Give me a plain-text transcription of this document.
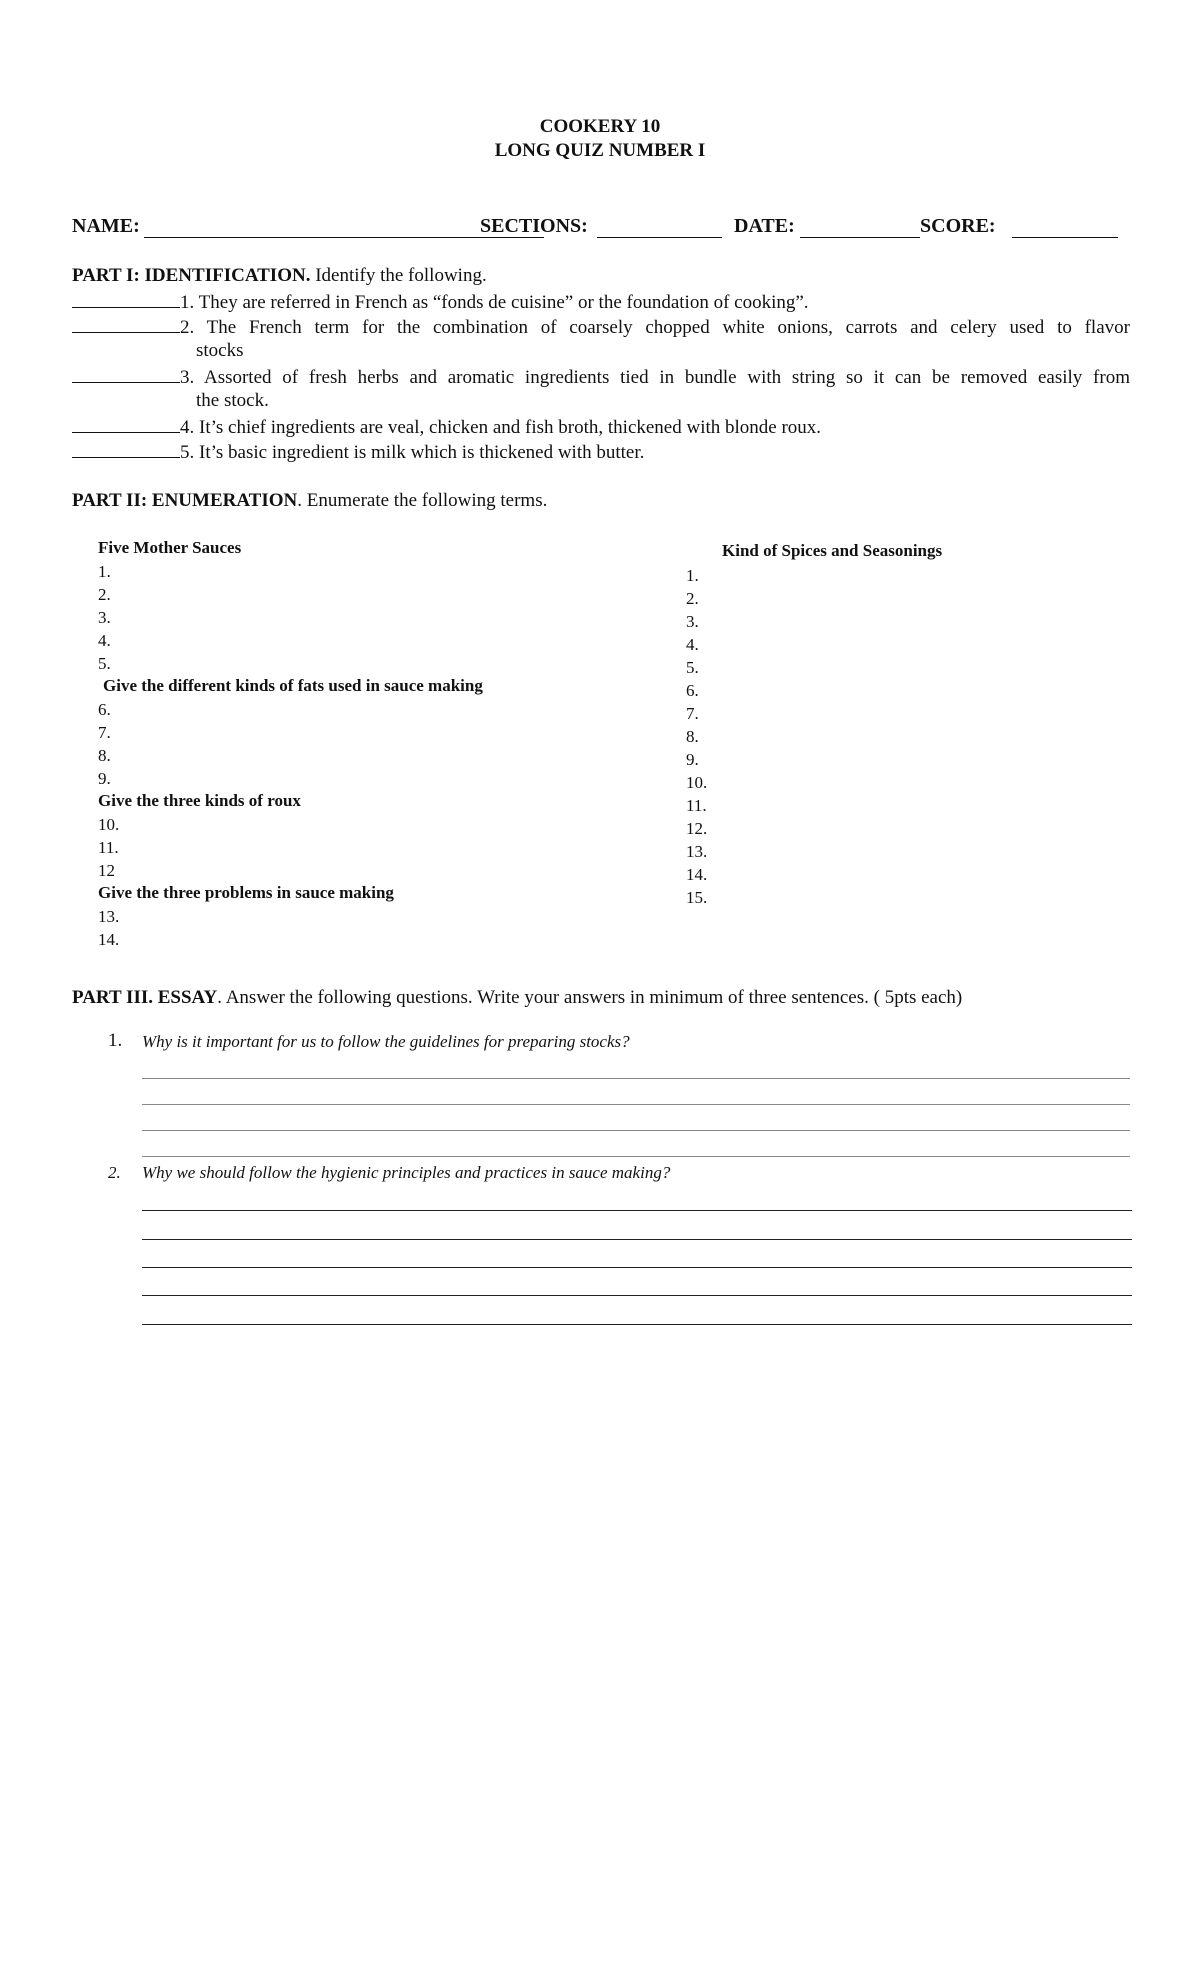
COOKERY 10
LONG QUIZ NUMBER I
NAME:	SECTIONS:	DATE:	SCORE:
PART I: IDENTIFICATION. Identify the following.
1. They are referred in French as “fonds de cuisine” or the foundation of cooking”.
2. The French term for the combination of coarsely chopped white onions, carrots and celery used to flavor
stocks
3. Assorted of fresh herbs and aromatic ingredients tied in bundle with string so it can be removed easily from
the stock.
4. It’s chief ingredients are veal, chicken and fish broth, thickened with blonde roux.
5. It’s basic ingredient is milk which is thickened with butter.
PART II: ENUMERATION. Enumerate the following terms.
Five Mother Sauces
1.
2.
3.
4.
5.
Give the different kinds of fats used in sauce making
6.
7.
8.
9.
Give the three kinds of roux
10.
11.
12
Give the three problems in sauce making
13.
14.
Kind of Spices and Seasonings
1.
2.
3.
4.
5.
6.
7.
8.
9.
10.
11.
12.
13.
14.
15.
PART III. ESSAY. Answer the following questions. Write your answers in minimum of three sentences. ( 5pts each)
1. Why is it important for us to follow the guidelines for preparing stocks?
2. Why we should follow the hygienic principles and practices in sauce making?
